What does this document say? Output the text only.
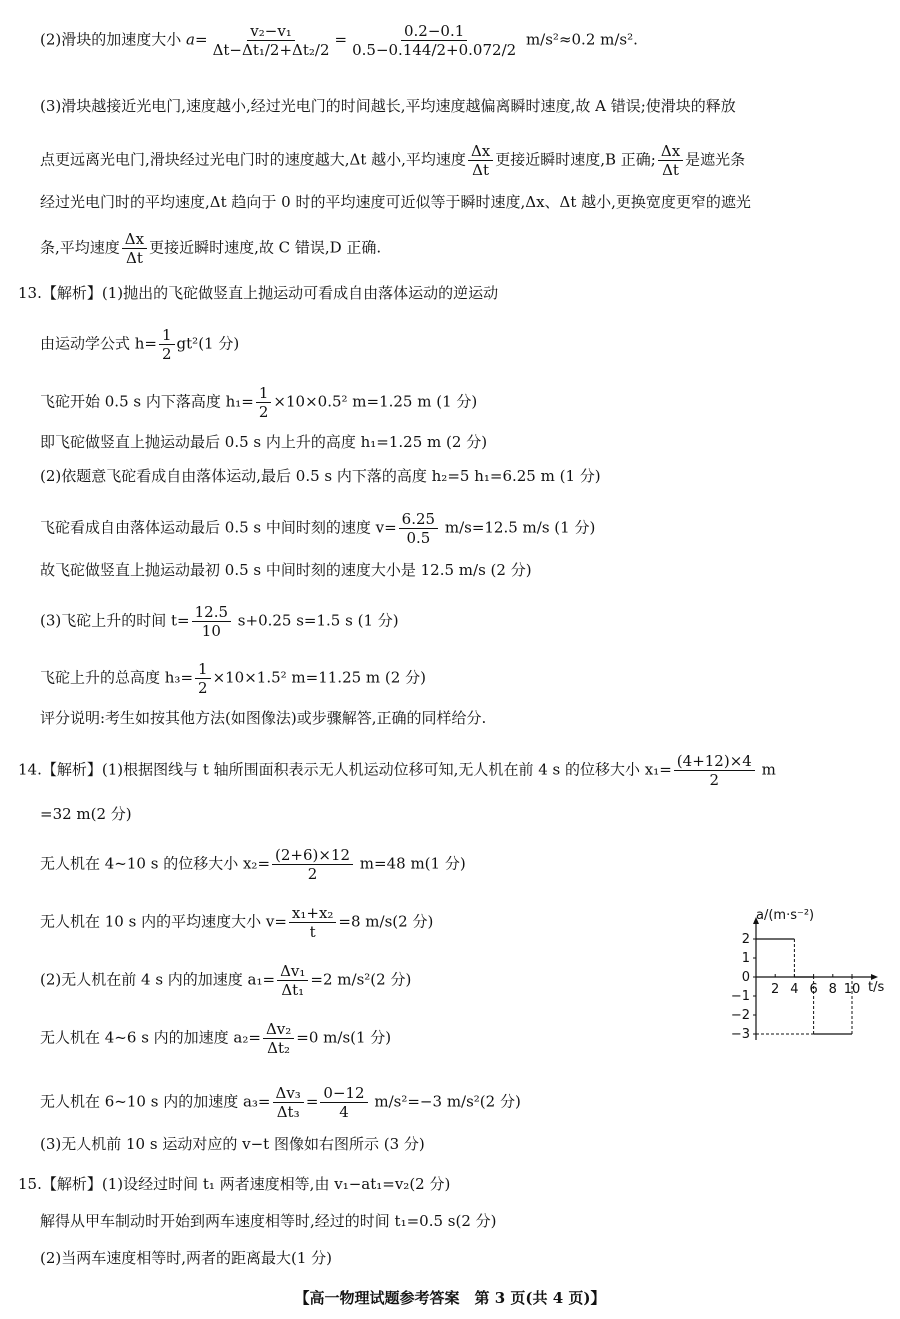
(2)滑块的加速度大小 $a= \frac{\text{v₂−v₁}}{\text{Δt−Δt₁/2+Δt₂/2}} = \frac{0.2-0.1}{0.5-0.144/2+0.072/2} m/s^2\approx 0.2$ m/s².
(3)滑块越接近光电门,速度越小,经过光电门的时间越长,平均速度越偏离瞬时速度,故 A 错误;使滑块的释放
点更远离光电门,滑块经过光电门时的速度越大,Δt 越小,平均速度 $\frac{\Delta x}{\Delta t}$ 更接近瞬时速度,B 正确; $\frac{\Delta x}{\Delta t}$ 是遮光条
经过光电门时的平均速度,Δt 趋向于 0 时的平均速度可近似等于瞬时速度,Δx、Δt 越小,更换宽度更窄的遮光
条,平均速度 $\frac{\Delta x}{\Delta t}$ 更接近瞬时速度,故 C 错误,D 正确.
13.【解析】(1)抛出的飞砣做竖直上抛运动可看成自由落体运动的逆运动
由运动学公式 $h= \frac{1}{2} gt^2(1$ 分)
飞砣开始 0.5 s 内下落高度 $h_1= \frac{1}{2} \times 10\times 0.5^2$ m=1.25 m (1 分)
即飞砣做竖直上抛运动最后 0.5 s 内上升的高度 h₁=1.25 m (2 分)
(2)依题意飞砣看成自由落体运动,最后 0.5 s 内下落的高度 h₂=5 h₁=6.25 m (1 分)
飞砣看成自由落体运动最后 0.5 s 中间时刻的速度 $v= \frac{6.25}{0.5} m/s=12.5$ m/s (1 分)
故飞砣做竖直上抛运动最初 0.5 s 中间时刻的速度大小是 12.5 m/s (2 分)
(3)飞砣上升的时间 $t= \frac{12.5}{10} s+0.25$ s=1.5 s (1 分)
飞砣上升的总高度 $h_3= \frac{1}{2} \times 10\times 1.5^2$ m=11.25 m (2 分)
评分说明:考生如按其他方法(如图像法)或步骤解答,正确的同样给分.
14.【解析】(1)根据图线与 t 轴所围面积表示无人机运动位移可知,无人机在前 4 s 的位移大小 $x_1= \frac{(4+12)\times 4}{2}$ m
=32 m(2 分)
无人机在 4~10 s 的位移大小 $x_2= \frac{(2+6)\times 12}{2} m=48$ m(1 分)
无人机在 10 s 内的平均速度大小 $v= \frac{\text{x₁+x₂}}{t} =8$ m/s(2 分)
(2)无人机在前 4 s 内的加速度 $a_1= \frac{\text{Δv₁}}{\text{Δt₁}} =2$ m/s²(2 分)
无人机在 4~6 s 内的加速度 $a_2= \frac{\text{Δv₂}}{\text{Δt₂}} =0$ m/s(1 分)
无人机在 6~10 s 内的加速度 $a_3= \frac{\text{Δv₃}}{\text{Δt₃}} = \frac{0-12}{4} m/s^2=-3$ m/s²(2 分)
(3)无人机前 10 s 运动对应的 v−t 图像如右图所示 (3 分)
2
1
0
−1
−2
−3
2 4 6 8 10
a/(m·s⁻²)
t/s
15.【解析】(1)设经过时间 t₁ 两者速度相等,由 v₁−at₁=v₂(2 分)
解得从甲车制动时开始到两车速度相等时,经过的时间 t₁=0.5 s(2 分)
(2)当两车速度相等时,两者的距离最大(1 分)
【高一物理试题参考答案　第 3 页(共 4 页)】
